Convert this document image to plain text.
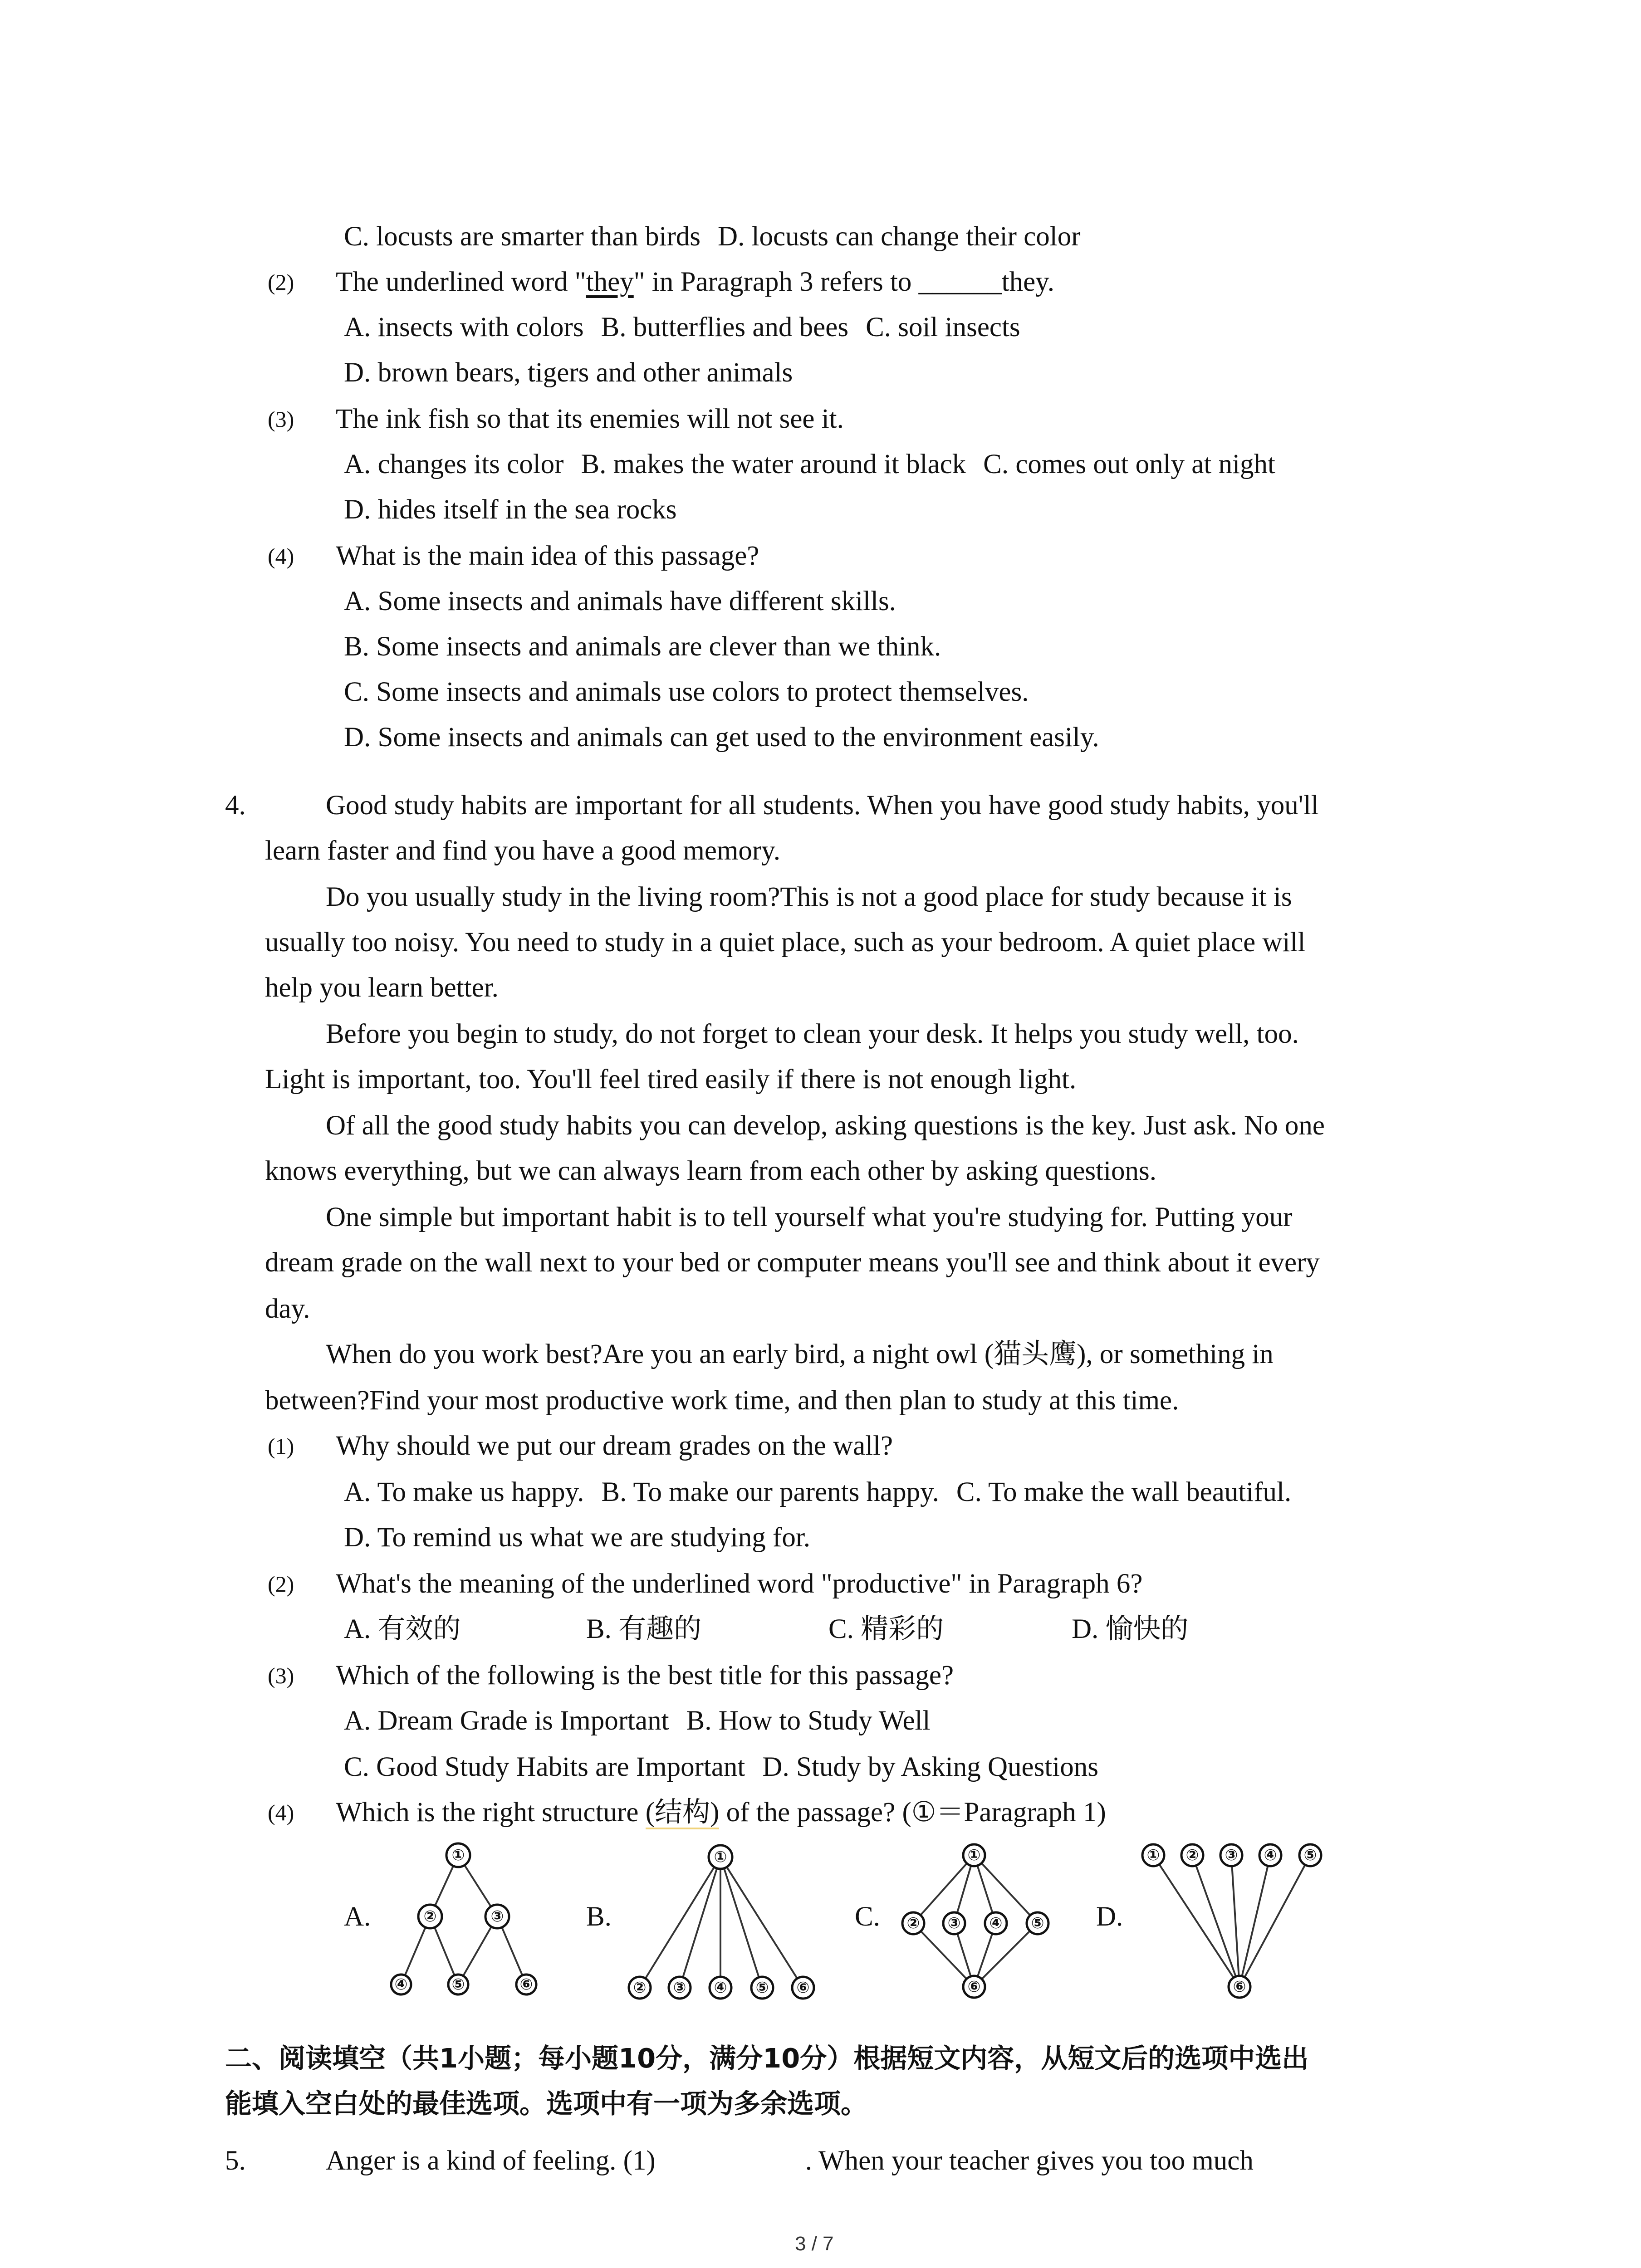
C. locusts are smarter than birds D. locusts can change their color
(2) The underlined word "they" in Paragraph 3 refers to ______they.
A. insects with colors B. butterflies and bees C. soil insects
D. brown bears, tigers and other animals
(3) The ink fish so that its enemies will not see it.
A. changes its color B. makes the water around it black C. comes out only at night
D. hides itself in the sea rocks
(4) What is the main idea of this passage?
A. Some insects and animals have different skills.
B. Some insects and animals are clever than we think.
C. Some insects and animals use colors to protect themselves.
D. Some insects and animals can get used to the environment easily.
4.	Good study habits are important for all students. When you have good study habits, you'll
learn faster and find you have a good memory.
Do you usually study in the living room?This is not a good place for study because it is
usually too noisy. You need to study in a quiet place, such as your bedroom. A quiet place will
help you learn better.
Before you begin to study, do not forget to clean your desk. It helps you study well, too.
Light is important, too. You'll feel tired easily if there is not enough light.
Of all the good study habits you can develop, asking questions is the key. Just ask. No one
knows everything, but we can always learn from each other by asking questions.
One simple but important habit is to tell yourself what you're studying for. Putting your
dream grade on the wall next to your bed or computer means you'll see and think about it every
day.
When do you work best?Are you an early bird, a night owl (猫头鹰), or something in
between?Find your most productive work time, and then plan to study at this time.
(1) Why should we put our dream grades on the wall?
A. To make us happy. B. To make our parents happy. C. To make the wall beautiful.
D. To remind us what we are studying for.
(2) What's the meaning of the underlined word "productive" in Paragraph 6?
A. 有效的	B. 有趣的	C. 精彩的	D. 愉快的
(3) Which of the following is the best title for this passage?
A. Dream Grade is Important B. How to Study Well
C. Good Study Habits are Important D. Study by Asking Questions
(4) Which is the right structure (结构) of the passage? (①＝Paragraph 1)
A.	B.	C.	D.
①
②	③
④	⑤	⑥
①
② ③ ④ ⑤ ⑥
①
② ③ ④ ⑤
⑥
① ② ③ ④ ⑤
⑥
二、阅读填空（共1小题；每小题10分，满分10分）根据短文内容，从短文后的选项中选出
能填入空白处的最佳选项。选项中有一项为多余选项。
5.	Anger is a kind of feeling. (1)	. When your teacher gives you too much
3 / 7
